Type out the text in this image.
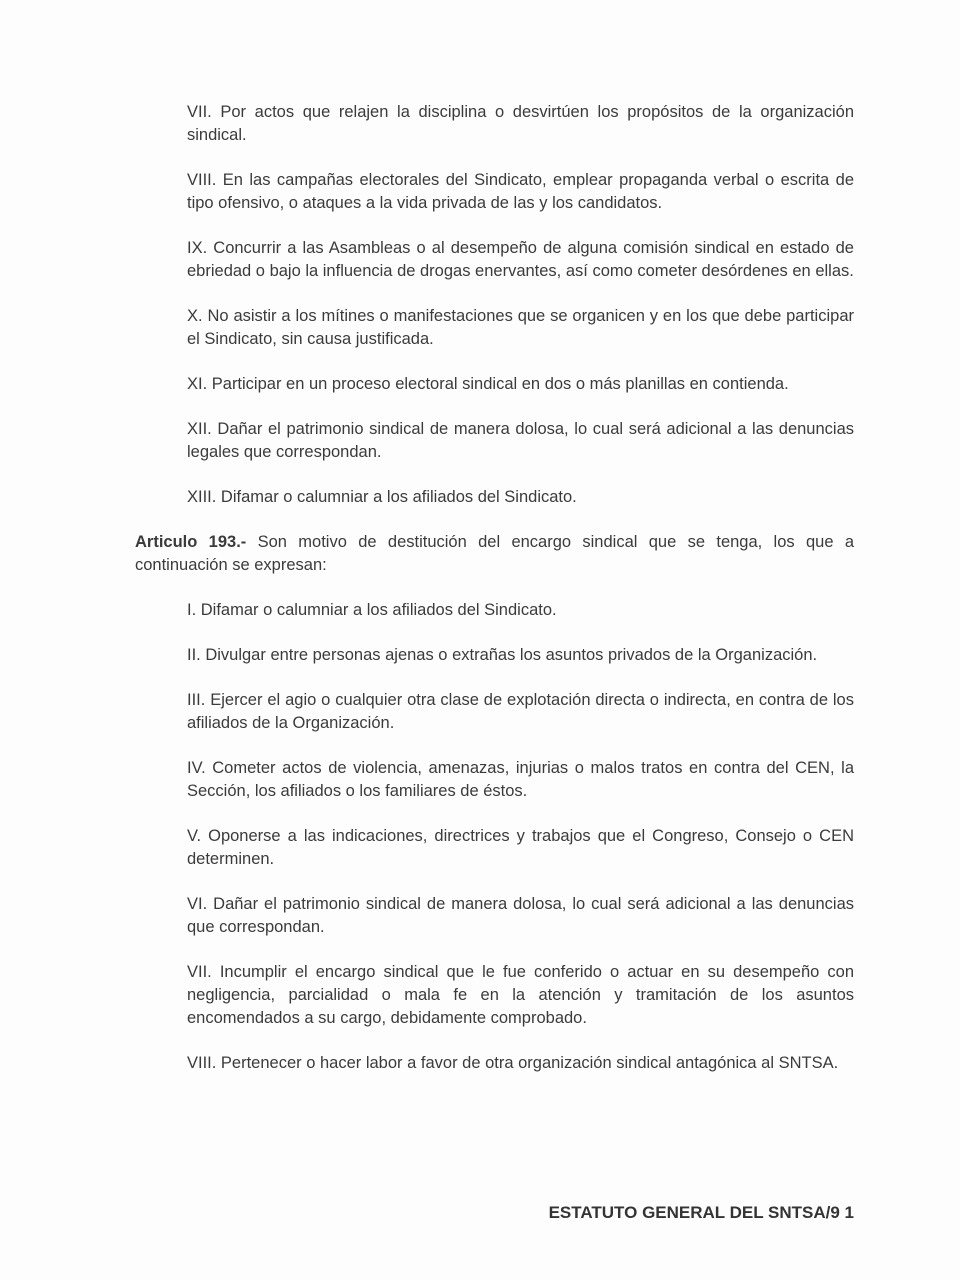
VII. Por actos que relajen la disciplina o desvirtúen los propósitos de la organización sindical.

VIII. En las campañas electorales del Sindicato, emplear propaganda verbal o escrita de tipo ofensivo, o ataques a la vida privada de las y los candidatos.

IX. Concurrir a las Asambleas o al desempeño de alguna comisión sindical en estado de ebriedad o bajo la influencia de drogas enervantes, así como cometer desórdenes en ellas.

X. No asistir a los mítines o manifestaciones que se organicen y en los que debe participar el Sindicato, sin causa justificada.

XI. Participar en un proceso electoral sindical en dos o más planillas en contienda.

XII. Dañar el patrimonio sindical de manera dolosa, lo cual será adicional a las denuncias legales que correspondan.

XIII. Difamar o calumniar a los afiliados del Sindicato.

Articulo 193.- Son motivo de destitución del encargo sindical que se tenga, los que a continuación se expresan:

I. Difamar o calumniar a los afiliados del Sindicato.

II. Divulgar entre personas ajenas o extrañas los asuntos privados de la Organización.

III. Ejercer el agio o cualquier otra clase de explotación directa o indirecta, en contra de los afiliados de la Organización.

IV. Cometer actos de violencia, amenazas, injurias o malos tratos en contra del CEN, la Sección, los afiliados o los familiares de éstos.

V. Oponerse a las indicaciones, directrices y trabajos que el Congreso, Consejo o CEN determinen.

VI. Dañar el patrimonio sindical de manera dolosa, lo cual será adicional a las denuncias que correspondan.

VII. Incumplir el encargo sindical que le fue conferido o actuar en su desempeño con negligencia, parcialidad o mala fe en la atención y tramitación de los asuntos encomendados a su cargo, debidamente comprobado.

VIII. Pertenecer o hacer labor a favor de otra organización sindical antagónica al SNTSA.

ESTATUTO GENERAL DEL SNTSA/9 1
